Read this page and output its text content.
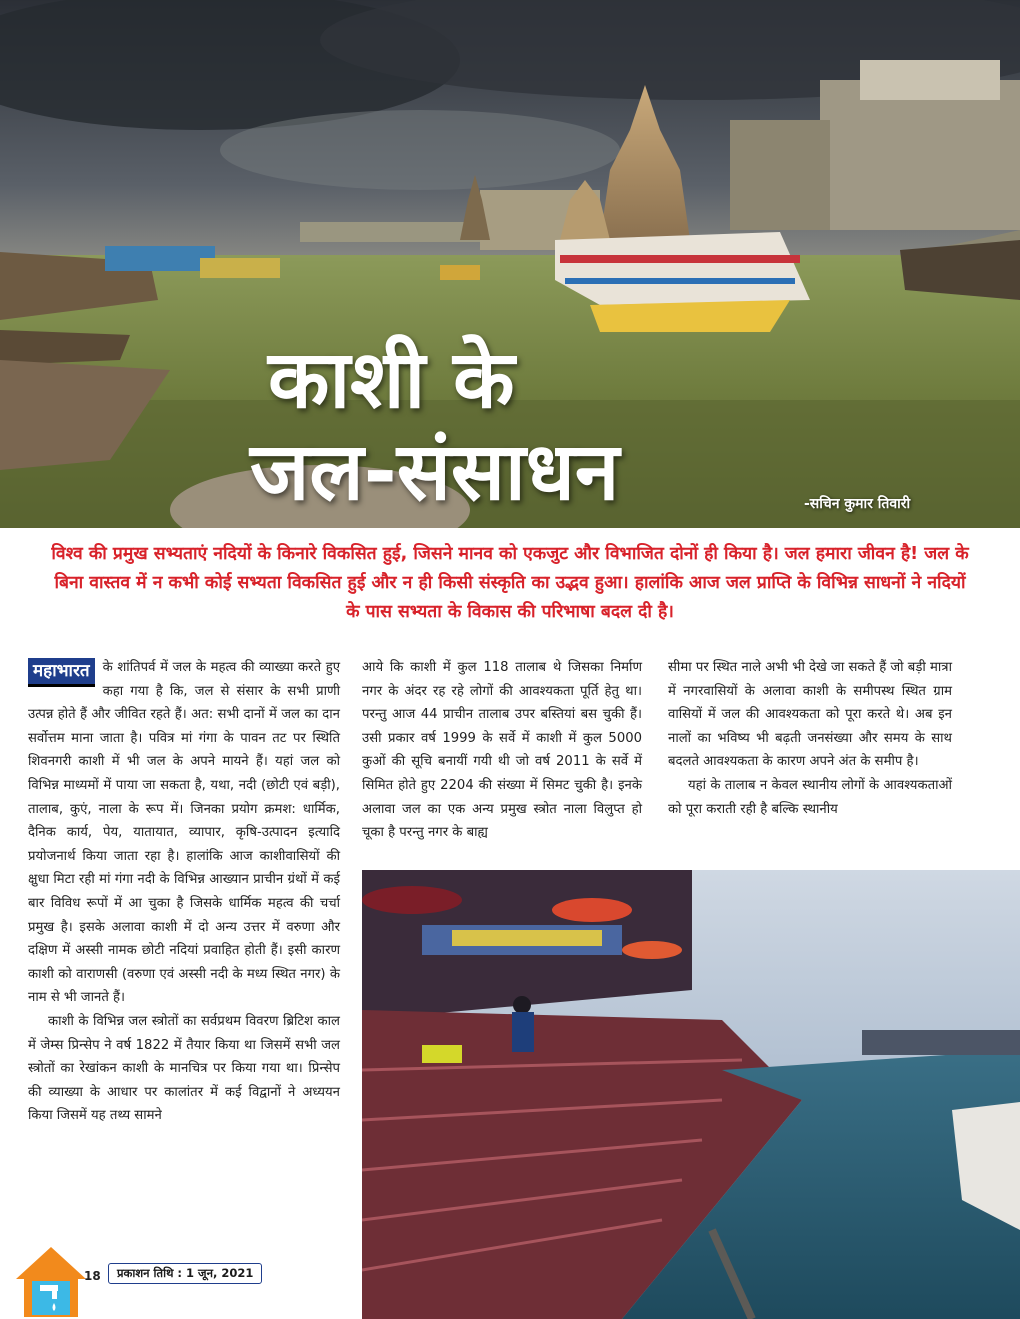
काशी के
जल-संसाधन	-सचिन कुमार तिवारी
विश्व की प्रमुख सभ्यताएं नदियों के किनारे विकसित हुई, जिसने मानव को एकजुट और विभाजित दोनों ही किया है। जल हमारा जीवन है! जल के बिना वास्तव में न कभी कोई सभ्यता विकसित हुई और न ही किसी संस्कृति का उद्भव हुआ। हालांकि आज जल प्राप्ति के विभिन्न साधनों ने नदियों के पास सभ्यता के विकास की परिभाषा बदल दी है।

महाभारत के शांतिपर्व में जल के महत्व की व्याख्या करते हुए कहा गया है कि, जल से संसार के सभी प्राणी उत्पन्न होते हैं और जीवित रहते हैं। अत: सभी दानों में जल का दान सर्वोत्तम माना जाता है। पवित्र मां गंगा के पावन तट पर स्थिति शिवनगरी काशी में भी जल के अपने मायने हैं। यहां जल को विभिन्न माध्यमों में पाया जा सकता है, यथा, नदी (छोटी एवं बड़ी), तालाब, कुएं, नाला के रूप में। जिनका प्रयोग क्रमश: धार्मिक, दैनिक कार्य, पेय, यातायात, व्यापार, कृषि-उत्पादन इत्यादि प्रयोजनार्थ किया जाता रहा है। हालांकि आज काशीवासियों की क्षुधा मिटा रही मां गंगा नदी के विभिन्न आख्यान प्राचीन ग्रंथों में कई बार विविध रूपों में आ चुका है जिसके धार्मिक महत्व की चर्चा प्रमुख है। इसके अलावा काशी में दो अन्य उत्तर में वरुणा और दक्षिण में अस्सी नामक छोटी नदियां प्रवाहित होती हैं। इसी कारण काशी को वाराणसी (वरुणा एवं अस्सी नदी के मध्य स्थित नगर) के नाम से भी जानते हैं।

काशी के विभिन्न जल स्त्रोतों का सर्वप्रथम विवरण ब्रिटिश काल में जेम्स प्रिन्सेप ने वर्ष 1822 में तैयार किया था जिसमें सभी जल स्त्रोतों का रेखांकन काशी के मानचित्र पर किया गया था। प्रिन्सेप की व्याख्या के आधार पर कालांतर में कई विद्वानों ने अध्ययन किया जिसमें यह तथ्य सामने

आये कि काशी में कुल 118 तालाब थे जिसका निर्माण नगर के अंदर रह रहे लोगों की आवश्यकता पूर्ति हेतु था। परन्तु आज 44 प्राचीन तालाब उपर बस्तियां बस चुकी हैं। उसी प्रकार वर्ष 1999 के सर्वे में काशी में कुल 5000 कुओं की सूचि बनायीं गयी थी जो वर्ष 2011 के सर्वे में सिमित होते हुए 2204 की संख्या में सिमट चुकी है। इनके अलावा जल का एक अन्य प्रमुख स्त्रोत नाला विलुप्त हो चूका है परन्तु नगर के बाह्य

सीमा पर स्थित नाले अभी भी देखे जा सकते हैं जो बड़ी मात्रा में नगरवासियों के अलावा काशी के समीपस्थ स्थित ग्राम वासियों में जल की आवश्यकता को पूरा करते थे। अब इन नालों का भविष्य भी बढ़ती जनसंख्या और समय के साथ बदलते आवश्यकता के कारण अपने अंत के समीप है।

यहां के तालाब न केवल स्थानीय लोगों के आवश्यकताओं को पूरा कराती रही है बल्कि स्थानीय

18	प्रकाशन तिथि : 1 जून, 2021
